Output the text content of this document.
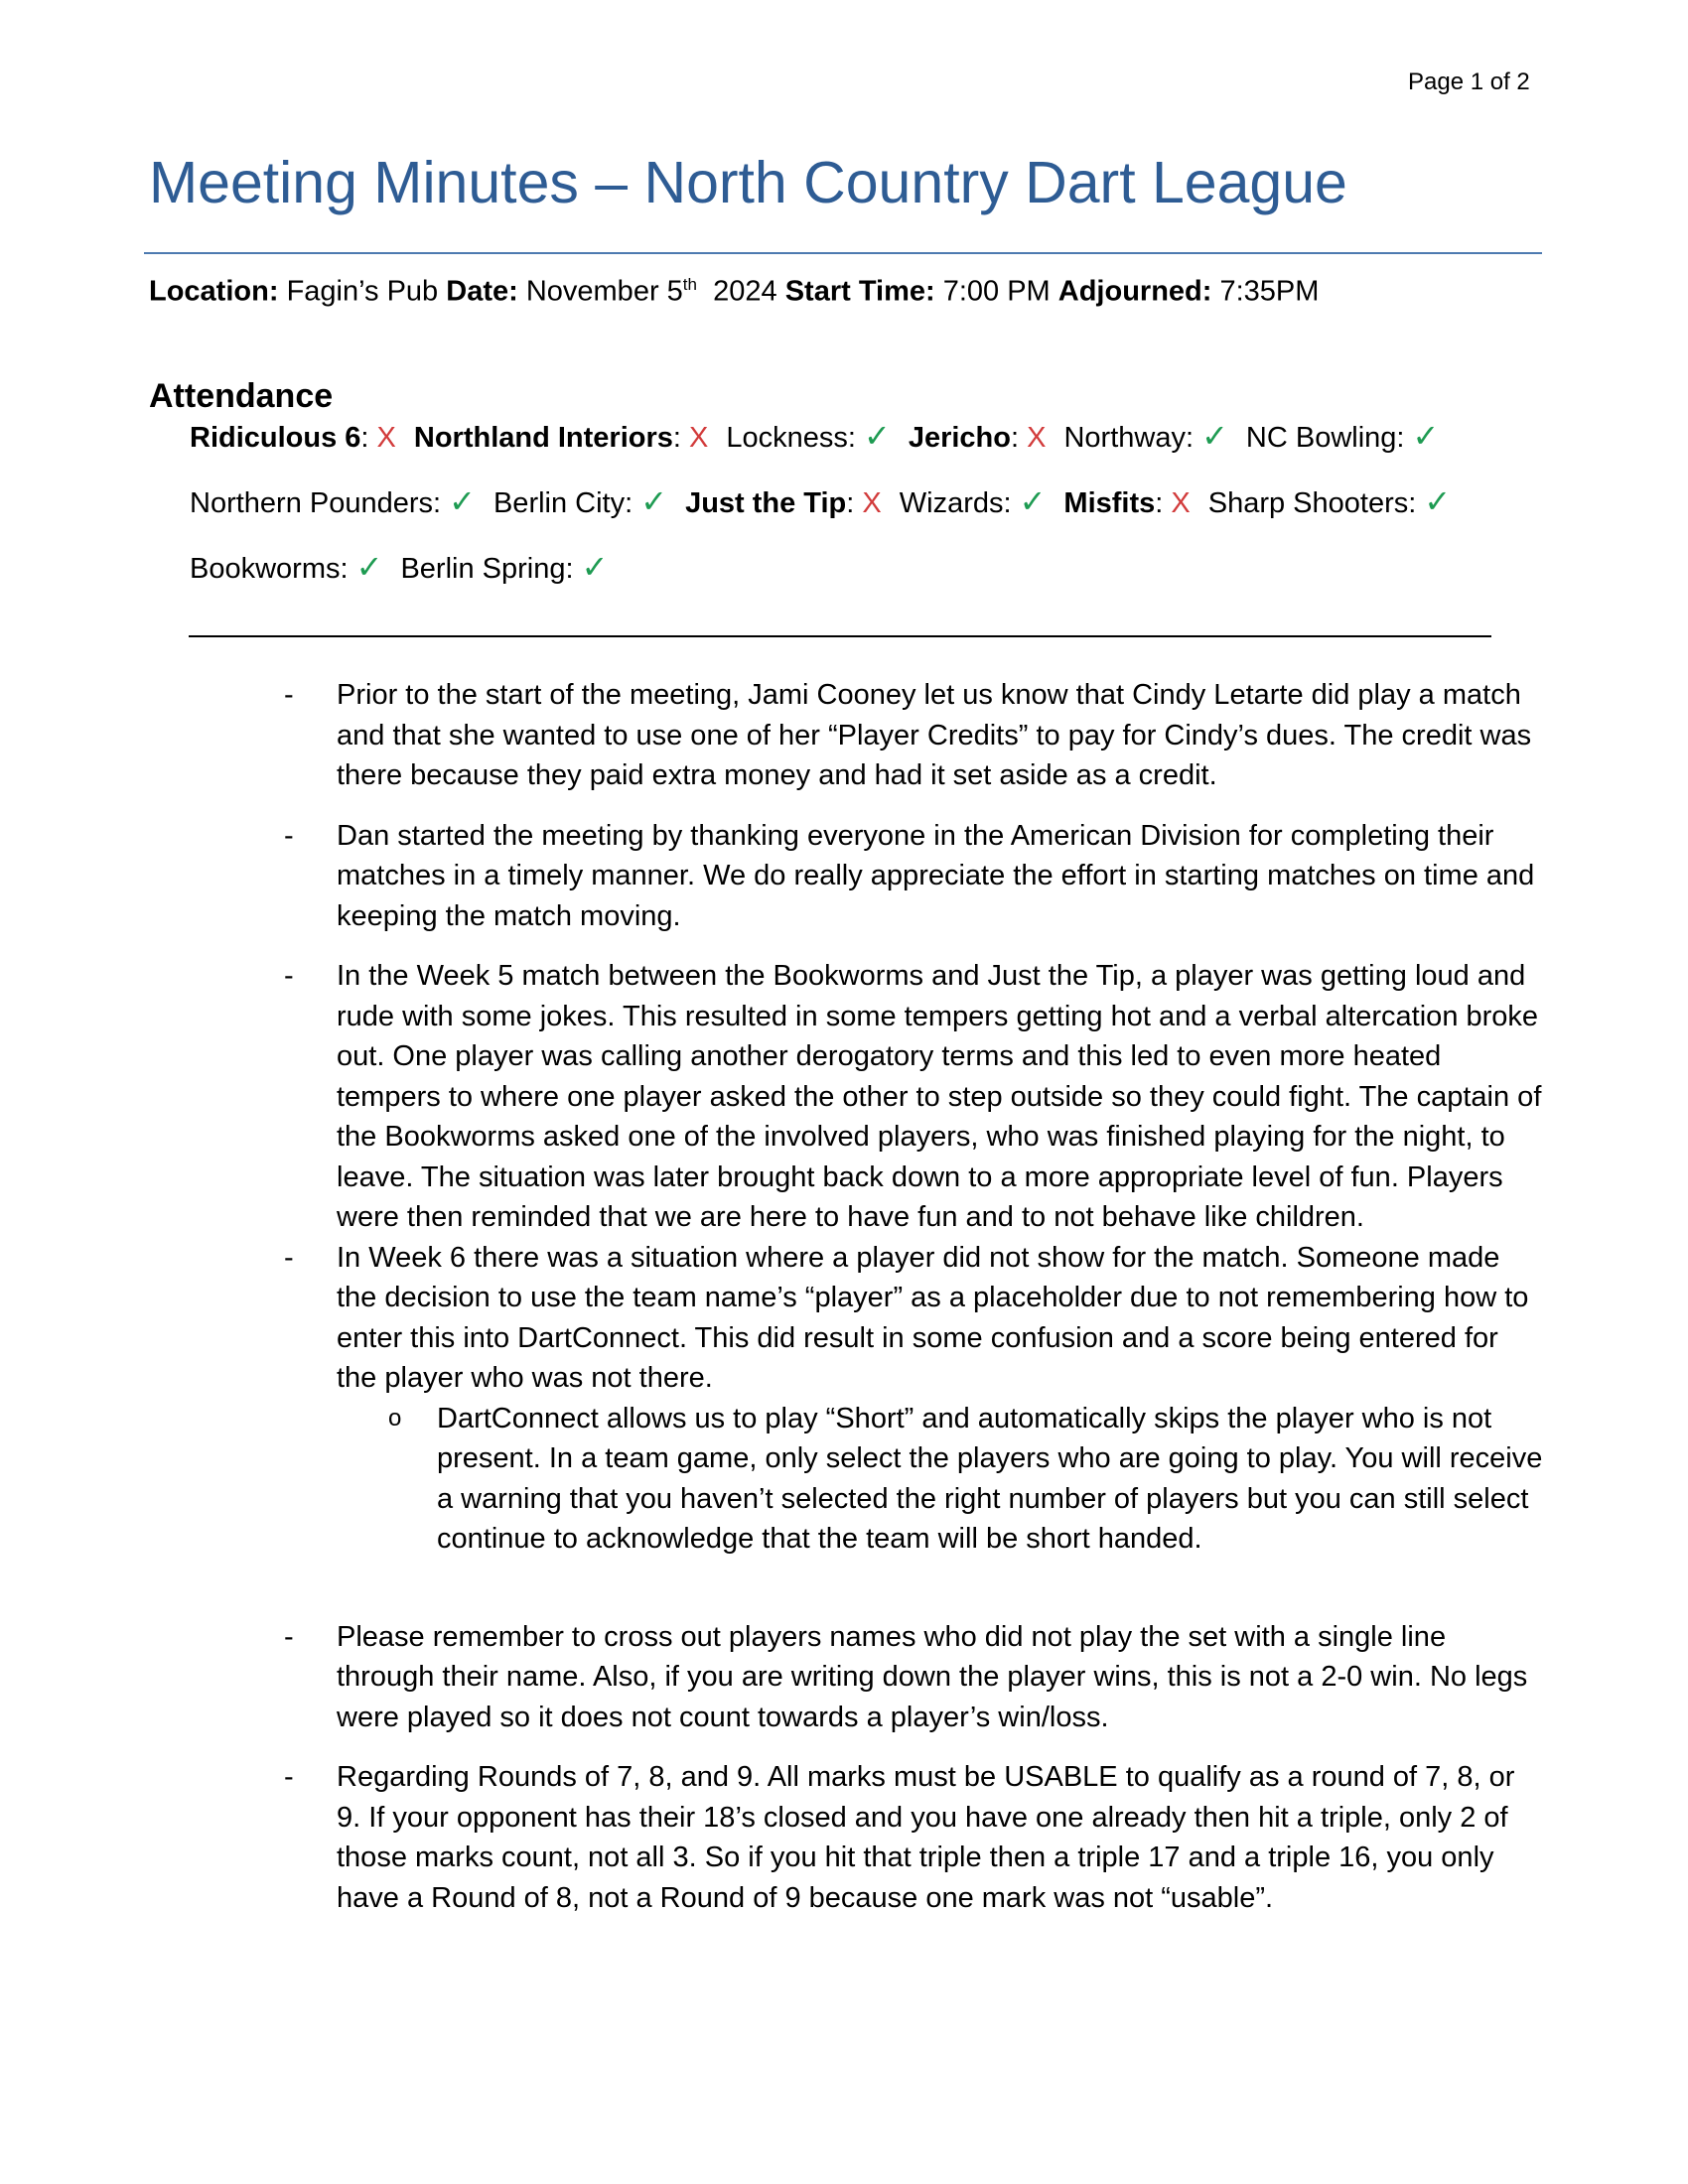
Page 1 of 2
Meeting Minutes – North Country Dart League
Location: Fagin’s Pub Date: November 5th 2024 Start Time: 7:00 PM Adjourned: 7:35PM
Attendance
Ridiculous 6: X Northland Interiors: X Lockness: ✓ Jericho: X Northway: ✓ NC Bowling: ✓
Northern Pounders: ✓ Berlin City: ✓ Just the Tip: X Wizards: ✓ Misfits: X Sharp Shooters: ✓
Bookworms: ✓ Berlin Spring: ✓
- Prior to the start of the meeting, Jami Cooney let us know that Cindy Letarte did play a match and that she wanted to use one of her “Player Credits” to pay for Cindy’s dues. The credit was there because they paid extra money and had it set aside as a credit.
- Dan started the meeting by thanking everyone in the American Division for completing their matches in a timely manner. We do really appreciate the effort in starting matches on time and keeping the match moving.
- In the Week 5 match between the Bookworms and Just the Tip, a player was getting loud and rude with some jokes. This resulted in some tempers getting hot and a verbal altercation broke out. One player was calling another derogatory terms and this led to even more heated tempers to where one player asked the other to step outside so they could fight. The captain of the Bookworms asked one of the involved players, who was finished playing for the night, to leave. The situation was later brought back down to a more appropriate level of fun. Players were then reminded that we are here to have fun and to not behave like children.
- In Week 6 there was a situation where a player did not show for the match. Someone made the decision to use the team name’s “player” as a placeholder due to not remembering how to enter this into DartConnect. This did result in some confusion and a score being entered for the player who was not there.
o DartConnect allows us to play “Short” and automatically skips the player who is not present. In a team game, only select the players who are going to play. You will receive a warning that you haven’t selected the right number of players but you can still select continue to acknowledge that the team will be short handed.
- Please remember to cross out players names who did not play the set with a single line through their name. Also, if you are writing down the player wins, this is not a 2-0 win. No legs were played so it does not count towards a player’s win/loss.
- Regarding Rounds of 7, 8, and 9. All marks must be USABLE to qualify as a round of 7, 8, or 9. If your opponent has their 18’s closed and you have one already then hit a triple, only 2 of those marks count, not all 3. So if you hit that triple then a triple 17 and a triple 16, you only have a Round of 8, not a Round of 9 because one mark was not “usable”.
